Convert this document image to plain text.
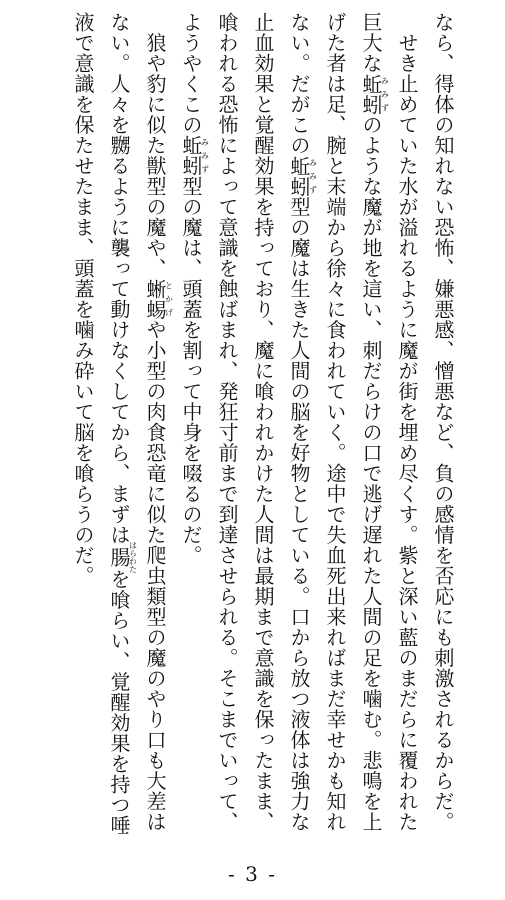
なら、得体の知れない恐怖、嫌悪感、憎悪など、負の感情を否応にも刺激されるからだ。

　せき止めていた水が溢れるように魔が街を埋め尽くす。紫と深い藍のまだらに覆われた巨大な蚯蚓みみずのような魔が地を這い、刺だらけの口で逃げ遅れた人間の足を噛む。悲鳴を上げた者は足、腕と末端から徐々に食われていく。途中で失血死出来ればまだ幸せかも知れない。だがこの蚯蚓みみず型の魔は生きた人間の脳を好物としている。口から放つ液体は強力な止血効果と覚醒効果を持っており、魔に喰われかけた人間は最期まで意識を保ったまま、喰われる恐怖によって意識を蝕ばまれ、発狂寸前まで到達させられる。そこまでいって、ようやくこの蚯蚓みみず型の魔は、頭蓋を割って中身を啜るのだ。

　狼や豹に似た獣型の魔や、蜥蜴とかげや小型の肉食恐竜に似た爬虫類型の魔のやり口も大差はない。人々を嬲るように襲って動けなくしてから、まずは腸はらわたを喰らい、覚醒効果を持つ唾液で意識を保たせたまま、頭蓋を噛み砕いて脳を喰らうのだ。

- 3 -
